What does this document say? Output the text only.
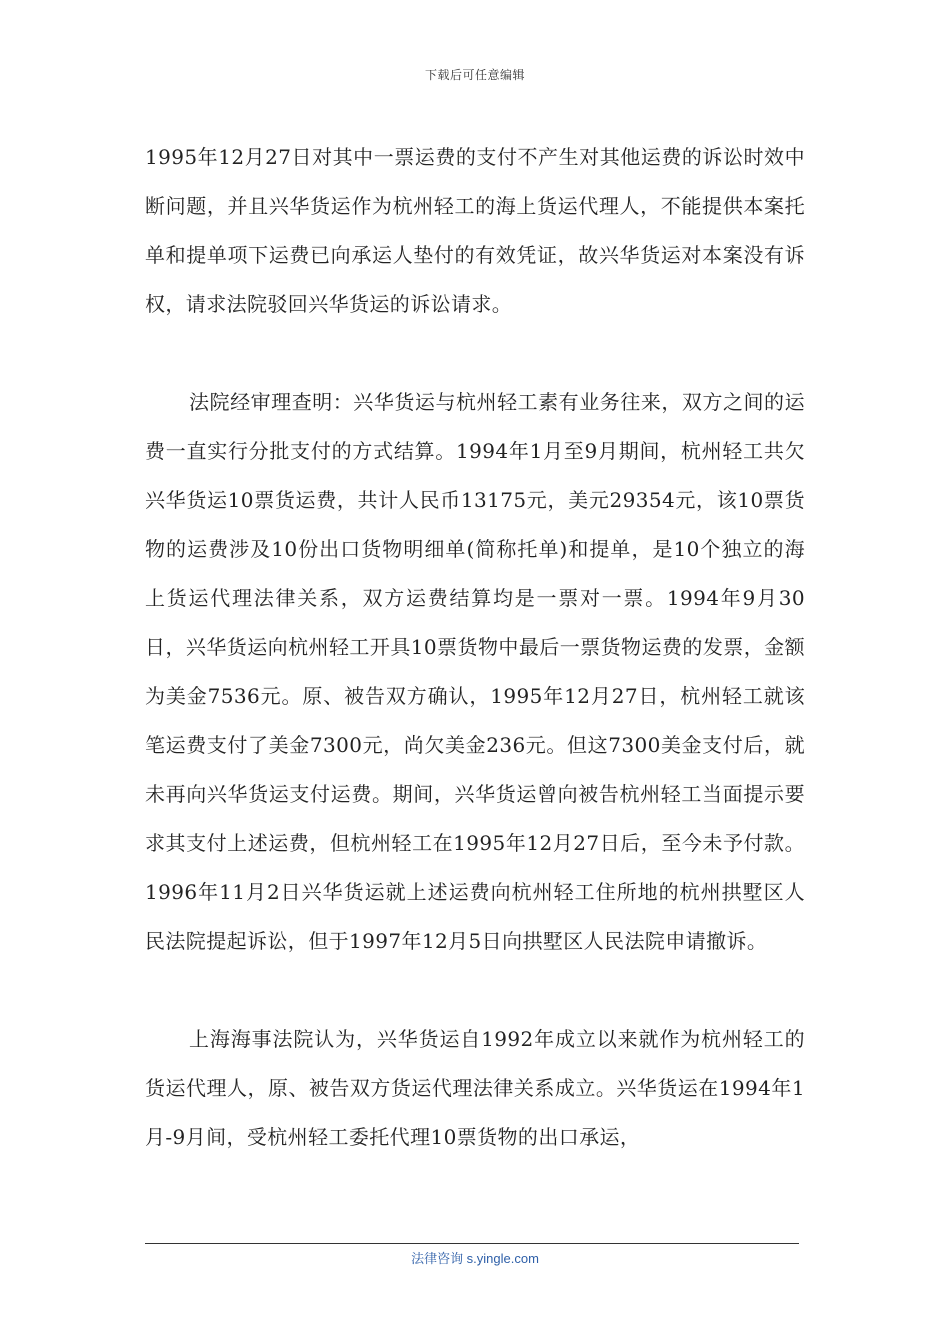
下载后可任意编辑

1995年12月27日对其中一票运费的支付不产生对其他运费的诉讼时效中断问题，并且兴华货运作为杭州轻工的海上货运代理人，不能提供本案托单和提单项下运费已向承运人垫付的有效凭证，故兴华货运对本案没有诉权，请求法院驳回兴华货运的诉讼请求。

法院经审理查明：兴华货运与杭州轻工素有业务往来，双方之间的运费一直实行分批支付的方式结算。1994年1月至9月期间，杭州轻工共欠兴华货运10票货运费，共计人民币13175元，美元29354元，该10票货物的运费涉及10份出口货物明细单(简称托单)和提单，是10个独立的海上货运代理法律关系，双方运费结算均是一票对一票。1994年9月30日，兴华货运向杭州轻工开具10票货物中最后一票货物运费的发票，金额为美金7536元。原、被告双方确认，1995年12月27日，杭州轻工就该笔运费支付了美金7300元，尚欠美金236元。但这7300美金支付后，就未再向兴华货运支付运费。期间，兴华货运曾向被告杭州轻工当面提示要求其支付上述运费，但杭州轻工在1995年12月27日后，至今未予付款。1996年11月2日兴华货运就上述运费向杭州轻工住所地的杭州拱墅区人民法院提起诉讼，但于1997年12月5日向拱墅区人民法院申请撤诉。

上海海事法院认为，兴华货运自1992年成立以来就作为杭州轻工的货运代理人，原、被告双方货运代理法律关系成立。兴华货运在1994年1月-9月间，受杭州轻工委托代理10票货物的出口承运，

法律咨询 s.yingle.com
